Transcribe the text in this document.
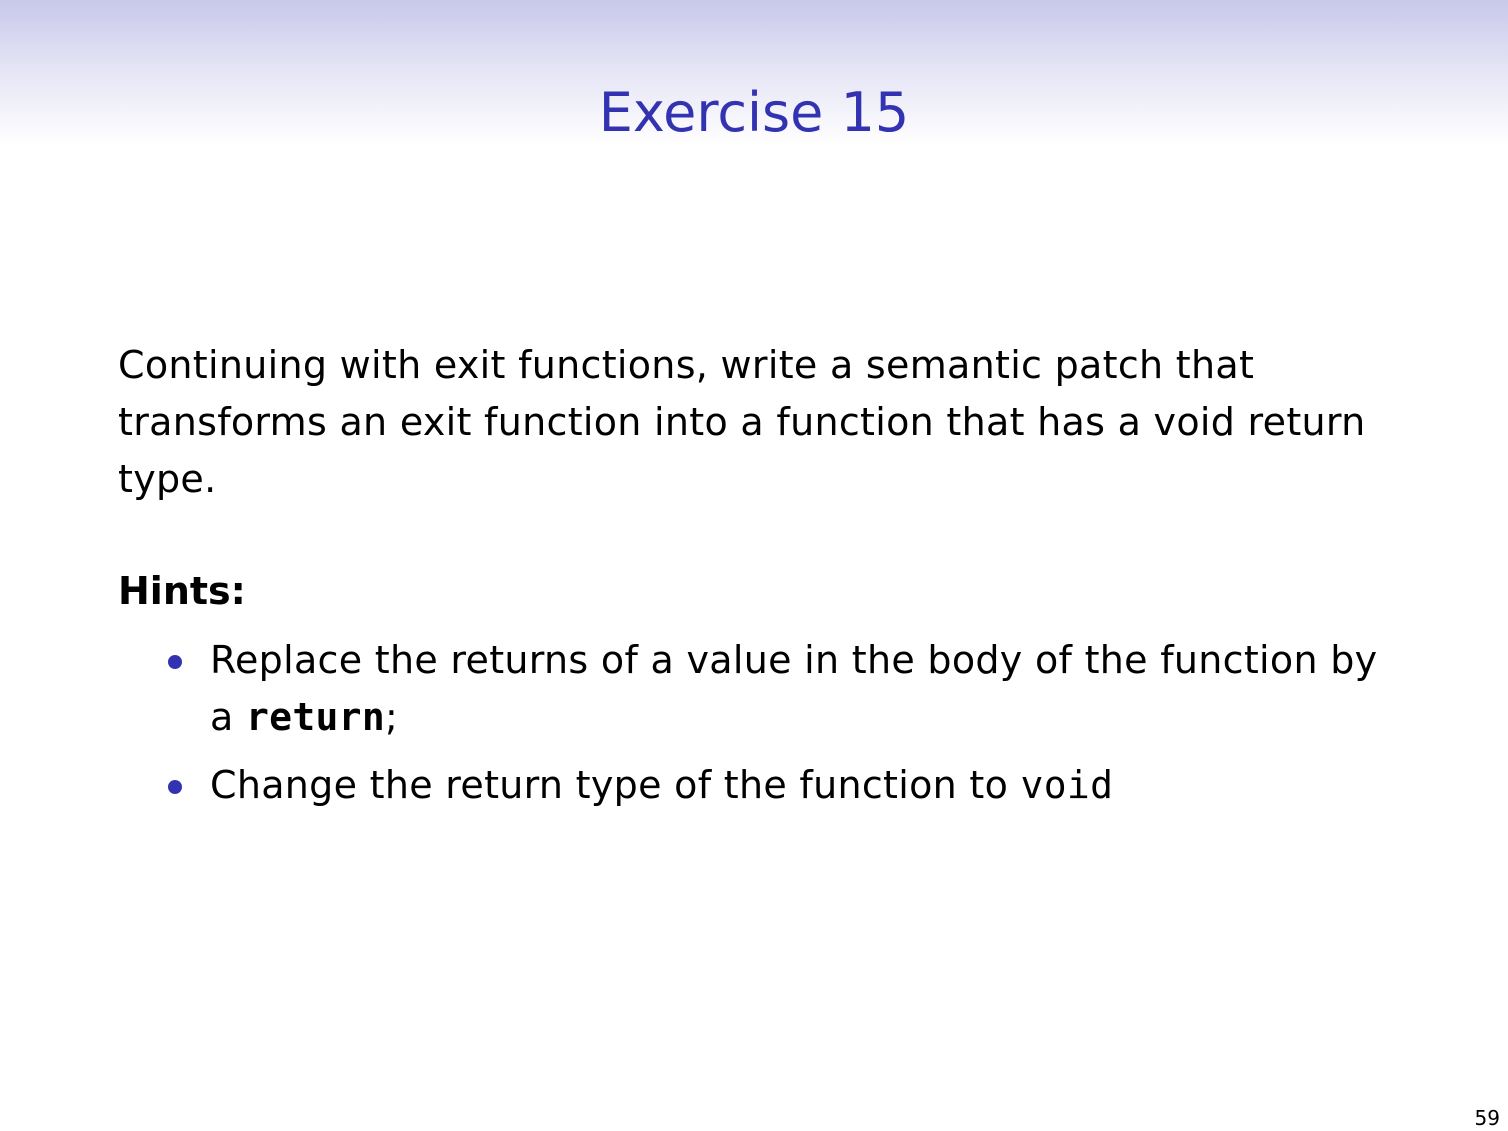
Exercise 15
Continuing with exit functions, write a semantic patch that transforms an exit function into a function that has a void return type.
Hints:
Replace the returns of a value in the body of the function by a return;
Change the return type of the function to void
59
